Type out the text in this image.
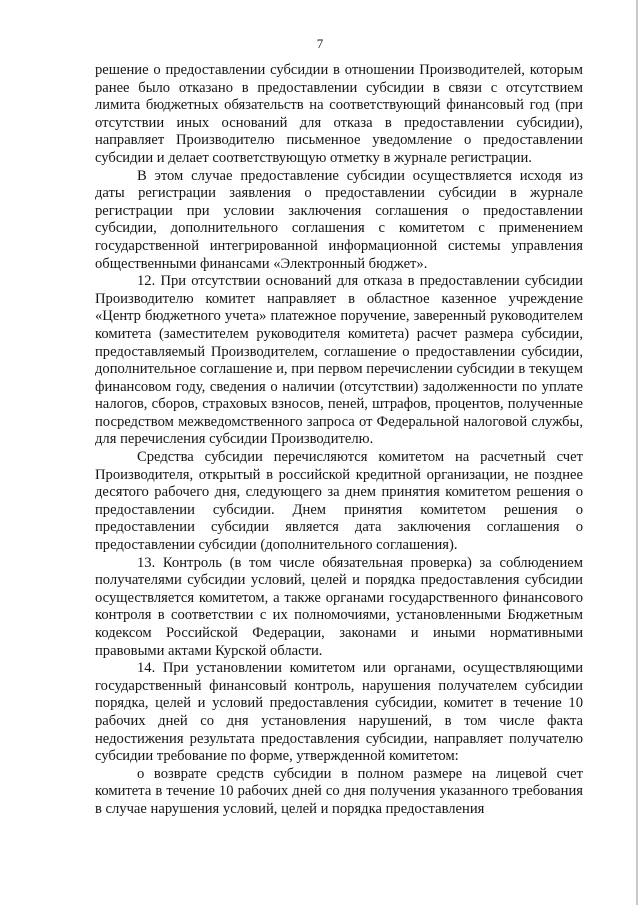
7

решение о предоставлении субсидии в отношении Производителей, которым ранее было отказано в предоставлении субсидии в связи с отсутствием лимита бюджетных обязательств на соответствующий финансовый год (при отсутствии иных оснований для отказа в предоставлении субсидии), направляет Производителю письменное уведомление о предоставлении субсидии и делает соответствующую отметку в журнале регистрации.

В этом случае предоставление субсидии осуществляется исходя из даты регистрации заявления о предоставлении субсидии в журнале регистрации при условии заключения соглашения о предоставлении субсидии, дополнительного соглашения с комитетом с применением государственной интегрированной информационной системы управления общественными финансами «Электронный бюджет».

12. При отсутствии оснований для отказа в предоставлении субсидии Производителю комитет направляет в областное казенное учреждение «Центр бюджетного учета» платежное поручение, заверенный руководителем комитета (заместителем руководителя комитета) расчет размера субсидии, предоставляемый Производителем, соглашение о предоставлении субсидии, дополнительное соглашение и, при первом перечислении субсидии в текущем финансовом году, сведения о наличии (отсутствии) задолженности по уплате налогов, сборов, страховых взносов, пеней, штрафов, процентов, полученные посредством межведомственного запроса от Федеральной налоговой службы, для перечисления субсидии Производителю.

Средства субсидии перечисляются комитетом на расчетный счет Производителя, открытый в российской кредитной организации, не позднее десятого рабочего дня, следующего за днем принятия комитетом решения о предоставлении субсидии. Днем принятия комитетом решения о предоставлении субсидии является дата заключения соглашения о предоставлении субсидии (дополнительного соглашения).

13. Контроль (в том числе обязательная проверка) за соблюдением получателями субсидии условий, целей и порядка предоставления субсидии осуществляется комитетом, а также органами государственного финансового контроля в соответствии с их полномочиями, установленными Бюджетным кодексом Российской Федерации, законами и иными нормативными правовыми актами Курской области.

14. При установлении комитетом или органами, осуществляющими государственный финансовый контроль, нарушения получателем субсидии порядка, целей и условий предоставления субсидии, комитет в течение 10 рабочих дней со дня установления нарушений, в том числе факта недостижения результата предоставления субсидии, направляет получателю субсидии требование по форме, утвержденной комитетом:

о возврате средств субсидии в полном размере на лицевой счет комитета в течение 10 рабочих дней со дня получения указанного требования в случае нарушения условий, целей и порядка предоставления
